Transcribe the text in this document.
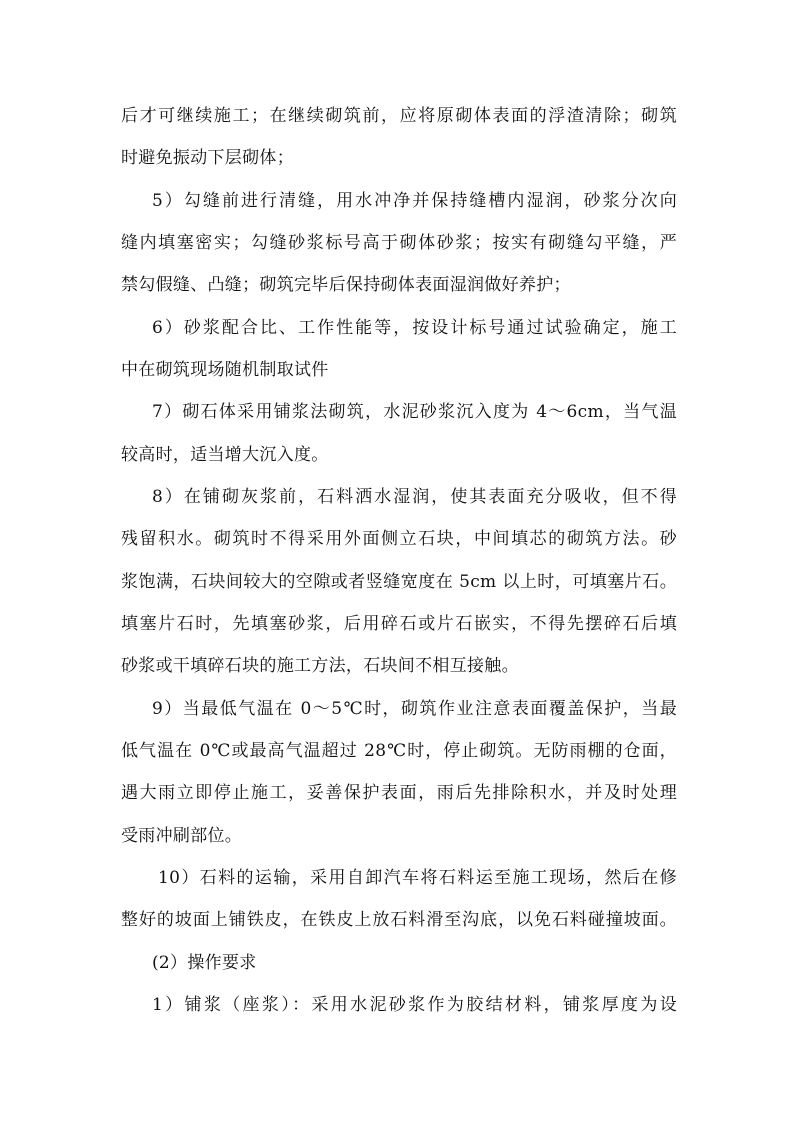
后才可继续施工；在继续砌筑前，应将原砌体表面的浮渣清除；砌筑
时避免振动下层砌体；
5）勾缝前进行清缝，用水冲净并保持缝槽内湿润，砂浆分次向
缝内填塞密实；勾缝砂浆标号高于砌体砂浆；按实有砌缝勾平缝，严
禁勾假缝、凸缝；砌筑完毕后保持砌体表面湿润做好养护；
6）砂浆配合比、工作性能等，按设计标号通过试验确定，施工
中在砌筑现场随机制取试件
7）砌石体采用铺浆法砌筑，水泥砂浆沉入度为 4～6cm，当气温
较高时，适当增大沉入度。
8）在铺砌灰浆前，石料洒水湿润，使其表面充分吸收，但不得
残留积水。砌筑时不得采用外面侧立石块，中间填芯的砌筑方法。砂
浆饱满，石块间较大的空隙或者竖缝宽度在 5cm 以上时，可填塞片石。
填塞片石时，先填塞砂浆，后用碎石或片石嵌实，不得先摆碎石后填
砂浆或干填碎石块的施工方法，石块间不相互接触。
9）当最低气温在 0～5℃时，砌筑作业注意表面覆盖保护，当最
低气温在 0℃或最高气温超过 28℃时，停止砌筑。无防雨棚的仓面，
遇大雨立即停止施工，妥善保护表面，雨后先排除积水，并及时处理
受雨冲刷部位。
10）石料的运输，采用自卸汽车将石料运至施工现场，然后在修
整好的坡面上铺铁皮，在铁皮上放石料滑至沟底，以免石料碰撞坡面。
(2）操作要求
1）铺浆（座浆）：采用水泥砂浆作为胶结材料，铺浆厚度为设
